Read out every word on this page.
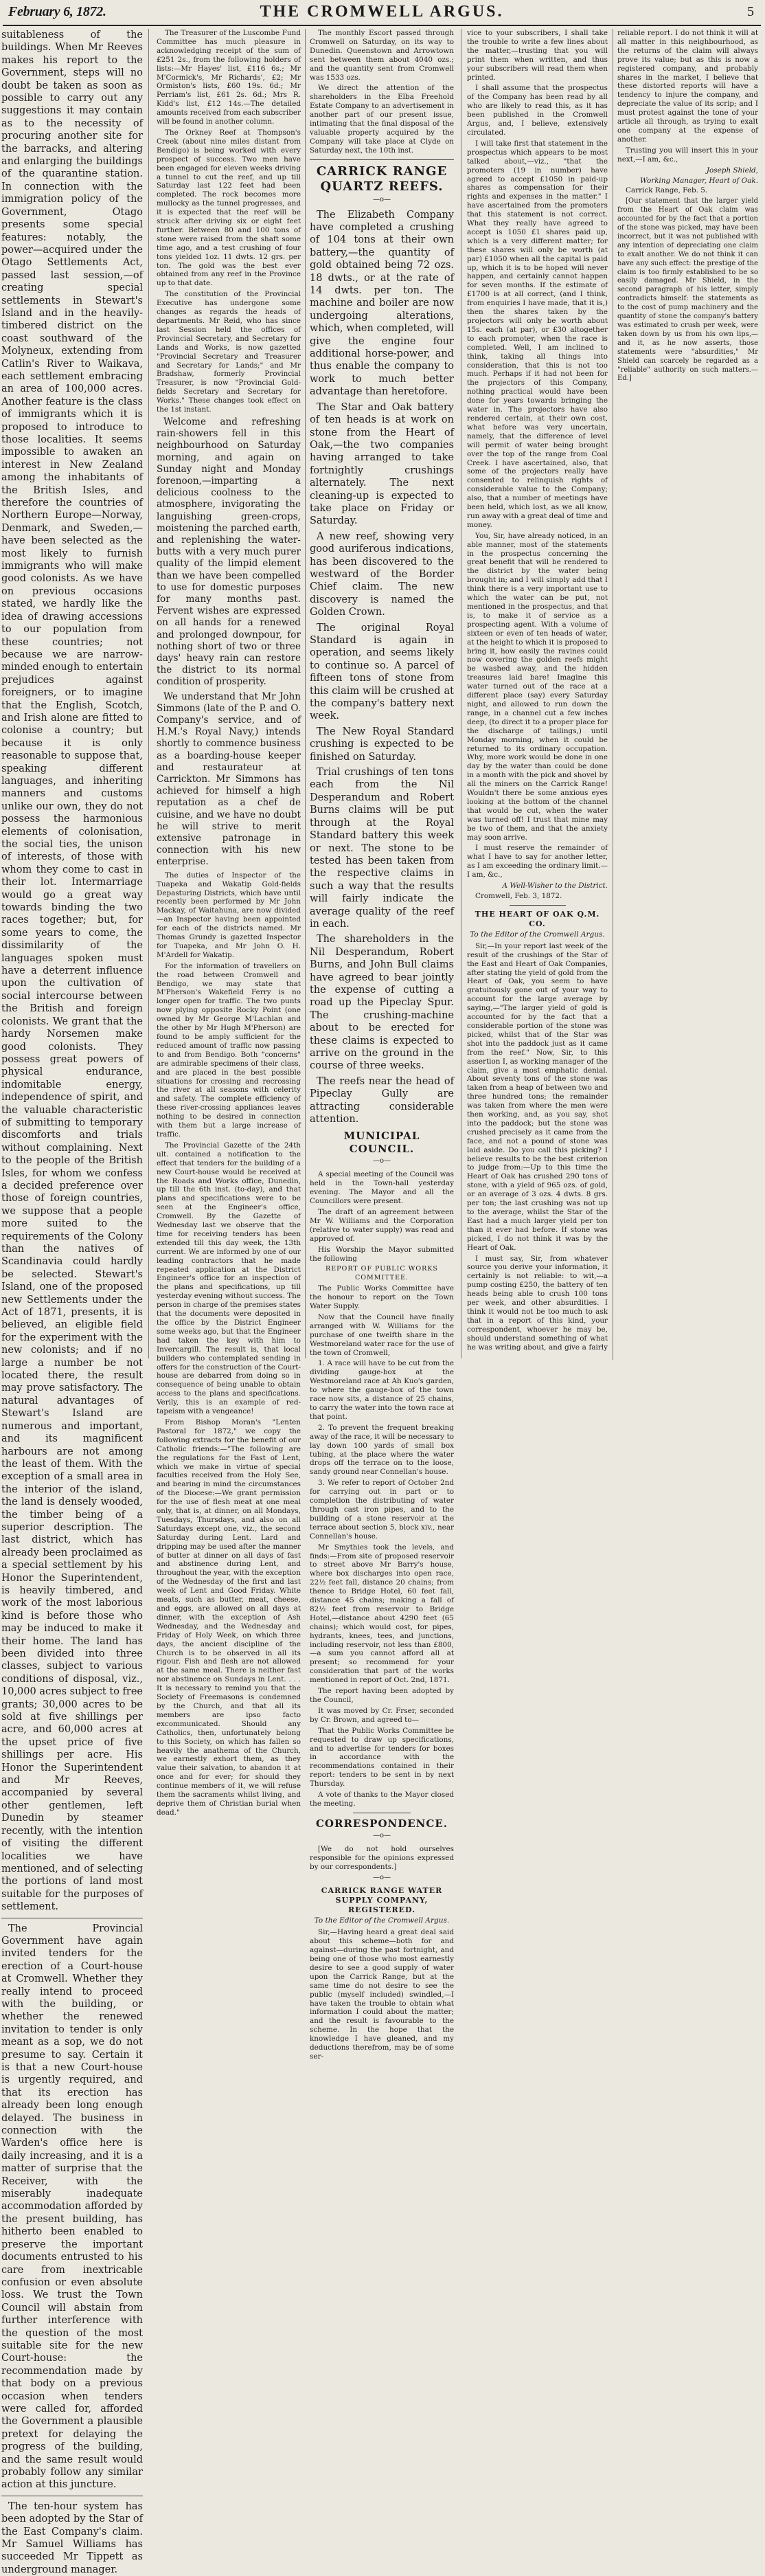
February 6, 1872.	THE CROMWELL ARGUS.	5

suitableness of the buildings. When Mr Reeves makes his report to the Government, steps will no doubt be taken as soon as possible to carry out any suggestions it may contain as to the necessity of procuring another site for the barracks, and altering and enlarging the buildings of the quarantine station. In connection with the immigration policy of the Government, Otago presents some special features: notably, the power—acquired under the Otago Settlements Act, passed last session,—of creating special settlements in Stewart's Island and in the heavily-timbered district on the coast southward of the Molyneux, extending from Catlin's River to Waikava, each settlement embracing an area of 100,000 acres. Another feature is the class of immigrants which it is proposed to introduce to those localities. It seems impossible to awaken an interest in New Zealand among the inhabitants of the British Isles, and therefore the countries of Northern Europe—Norway, Denmark, and Sweden,—have been selected as the most likely to furnish immigrants who will make good colonists. As we have on previous occasions stated, we hardly like the idea of drawing accessions to our population from these countries; not because we are narrow-minded enough to entertain prejudices against foreigners, or to imagine that the English, Scotch, and Irish alone are fitted to colonise a country; but because it is only reasonable to suppose that, speaking different languages, and inheriting manners and customs unlike our own, they do not possess the harmonious elements of colonisation, the social ties, the unison of interests, of those with whom they come to cast in their lot. Intermarriage would go a great way towards binding the two races together; but, for some years to come, the dissimilarity of the languages spoken must have a deterrent influence upon the cultivation of social intercourse between the British and foreign colonists. We grant that the hardy Norsemen make good colonists. They possess great powers of physical endurance, indomitable energy, independence of spirit, and the valuable characteristic of submitting to temporary discomforts and trials without complaining. Next to the people of the British Isles, for whom we confess a decided preference over those of foreign countries, we suppose that a people more suited to the requirements of the Colony than the natives of Scandinavia could hardly be selected. Stewart's Island, one of the proposed new Settlements under the Act of 1871, presents, it is believed, an eligible field for the experiment with the new colonists; and if no large a number be not located there, the result may prove satisfactory. The natural advantages of Stewart's Island are numerous and important, and its magnificent harbours are not among the least of them. With the exception of a small area in the interior of the island, the land is densely wooded, the timber being of a superior description. The last district, which has already been proclaimed as a special settlement by his Honor the Superintendent, is heavily timbered, and work of the most laborious kind is before those who may be induced to make it their home. The land has been divided into three classes, subject to various conditions of disposal, viz., 10,000 acres subject to free grants; 30,000 acres to be sold at five shillings per acre, and 60,000 acres at the upset price of five shillings per acre. His Honor the Superintendent and Mr Reeves, accompanied by several other gentlemen, left Dunedin by steamer recently, with the intention of visiting the different localities we have mentioned, and of selecting the portions of land most suitable for the purposes of settlement.

The Provincial Government have again invited tenders for the erection of a Court-house at Cromwell. Whether they really intend to proceed with the building, or whether the renewed invitation to tender is only meant as a sop, we do not presume to say. Certain it is that a new Court-house is urgently required, and that its erection has already been long enough delayed. The business in connection with the Warden's office here is daily increasing, and it is a matter of surprise that the Receiver, with the miserably inadequate accommodation afforded by the present building, has hitherto been enabled to preserve the important documents entrusted to his care from inextricable confusion or even absolute loss. We trust the Town Council will abstain from further interference with the question of the most suitable site for the new Court-house: the recommendation made by that body on a previous occasion when tenders were called for, afforded the Government a plausible pretext for delaying the progress of the building, and the same result would probably follow any similar action at this juncture.

The ten-hour system has been adopted by the Star of the East Company's claim. Mr Samuel Williams has succeeded Mr Tippett as underground manager.

The Treasurer of the Luscombe Fund Committee has much pleasure in acknowledging receipt of the sum of £251 2s., from the following holders of lists:—Mr Hayes' list, £116 6s.; Mr M'Cormick's, Mr Richards', £2; Mr Ormiston's lists, £60 19s. 6d.; Mr Perriam's list, £61 2s. 6d.; Mrs R. Kidd's list, £12 14s.—The detailed amounts received from each subscriber will be found in another column.

The Orkney Reef at Thompson's Creek (about nine miles distant from Bendigo) is being worked with every prospect of success. Two men have been engaged for eleven weeks driving a tunnel to cut the reef, and up till Saturday last 122 feet had been completed. The rock becomes more mullocky as the tunnel progresses, and it is expected that the reef will be struck after driving six or eight feet further. Between 80 and 100 tons of stone were raised from the shaft some time ago, and a test crushing of four tons yielded 1oz. 11 dwts. 12 grs. per ton. The gold was the best ever obtained from any reef in the Province up to that date.

The constitution of the Provincial Executive has undergone some changes as regards the heads of departments. Mr Reid, who has since last Session held the offices of Provincial Secretary, and Secretary for Lands and Works, is now gazetted "Provincial Secretary and Treasurer and Secretary for Lands;" and Mr Bradshaw, formerly Provincial Treasurer, is now "Provincial Gold-fields Secretary and Secretary for Works." These changes took effect on the 1st instant.

Welcome and refreshing rain-showers fell in this neighbourhood on Saturday morning, and again on Sunday night and Monday forenoon,—imparting a delicious coolness to the atmosphere, invigorating the languishing green-crops, moistening the parched earth, and replenishing the water-butts with a very much purer quality of the limpid element than we have been compelled to use for domestic purposes for many months past. Fervent wishes are expressed on all hands for a renewed and prolonged downpour, for nothing short of two or three days' heavy rain can restore the district to its normal condition of prosperity.

We understand that Mr John Simmons (late of the P. and O. Company's service, and of H.M.'s Royal Navy,) intends shortly to commence business as a boarding-house keeper and restaurateur at Carrickton. Mr Simmons has achieved for himself a high reputation as a chef de cuisine, and we have no doubt he will strive to merit extensive patronage in connection with his new enterprise.

The duties of Inspector of the Tuapeka and Wakatip Gold-fields Depasturing Districts, which have until recently been performed by Mr John Mackay, of Waitahuna, are now divided—an Inspector having been appointed for each of the districts named. Mr Thomas Grundy is gazetted Inspector for Tuapeka, and Mr John O. H. M'Ardell for Wakatip.

For the information of travellers on the road between Cromwell and Bendigo, we may state that M'Pherson's Wakefield Ferry is no longer open for traffic. The two punts now plying opposite Rocky Point (one owned by Mr George M'Lachlan and the other by Mr Hugh M'Pherson) are found to be amply sufficient for the reduced amount of traffic now passing to and from Bendigo. Both "concerns" are admirable specimens of their class, and are placed in the best possible situations for crossing and recrossing the river at all seasons with celerity and safety. The complete efficiency of these river-crossing appliances leaves nothing to be desired in connection with them but a large increase of traffic.

The Provincial Gazette of the 24th ult. contained a notification to the effect that tenders for the building of a new Court-house would be received at the Roads and Works office, Dunedin, up till the 6th inst. (to-day), and that plans and specifications were to be seen at the Engineer's office, Cromwell. By the Gazette of Wednesday last we observe that the time for receiving tenders has been extended till this day week, the 13th current. We are informed by one of our leading contractors that he made repeated application at the District Engineer's office for an inspection of the plans and specifications, up till yesterday evening without success. The person in charge of the premises states that the documents were deposited in the office by the District Engineer some weeks ago, but that the Engineer had taken the key with him to Invercargill. The result is, that local builders who contemplated sending in offers for the construction of the Court-house are debarred from doing so in consequence of being unable to obtain access to the plans and specifications. Verily, this is an example of red-tapeism with a vengeance!

From Bishop Moran's "Lenten Pastoral for 1872," we copy the following extracts for the benefit of our Catholic friends:—"The following are the regulations for the Fast of Lent, which we make in virtue of special faculties received from the Holy See, and bearing in mind the circumstances of the Diocese:—We grant permission for the use of flesh meat at one meal only, that is, at dinner, on all Mondays, Tuesdays, Thursdays, and also on all Saturdays except one, viz., the second Saturday during Lent. Lard and dripping may be used after the manner of butter at dinner on all days of fast and abstinence during Lent, and throughout the year, with the exception of the Wednesday of the first and last week of Lent and Good Friday. White meats, such as butter, meat, cheese, and eggs, are allowed on all days at dinner, with the exception of Ash Wednesday, and the Wednesday and Friday of Holy Week, on which three days, the ancient discipline of the Church is to be observed in all its rigour. Fish and flesh are not allowed at the same meal. There is neither fast nor abstinence on Sundays in Lent. . . . It is necessary to remind you that the Society of Freemasons is condemned by the Church, and that all its members are ipso facto excommunicated. Should any Catholics, then, unfortunately belong to this Society, on which has fallen so heavily the anathema of the Church, we earnestly exhort them, as they value their salvation, to abandon it at once and for ever; for should they continue members of it, we will refuse them the sacraments whilst living, and deprive them of Christian burial when dead."

The monthly Escort passed through Cromwell on Saturday, on its way to Dunedin. Queenstown and Arrowtown sent between them about 4040 ozs.; and the quantity sent from Cromwell was 1533 ozs.

We direct the attention of the shareholders in the Elba Freehold Estate Company to an advertisement in another part of our present issue, intimating that the final disposal of the valuable property acquired by the Company will take place at Clyde on Saturday next, the 10th inst.

CARRICK RANGE QUARTZ REEFS.
—o—

The Elizabeth Company have completed a crushing of 104 tons at their own battery,—the quantity of gold obtained being 72 ozs. 18 dwts., or at the rate of 14 dwts. per ton. The machine and boiler are now undergoing alterations, which, when completed, will give the engine four additional horse-power, and thus enable the company to work to much better advantage than heretofore.

The Star and Oak battery of ten heads is at work on stone from the Heart of Oak,—the two companies having arranged to take fortnightly crushings alternately. The next cleaning-up is expected to take place on Friday or Saturday.

A new reef, showing very good auriferous indications, has been discovered to the westward of the Border Chief claim. The new discovery is named the Golden Crown.

The original Royal Standard is again in operation, and seems likely to continue so. A parcel of fifteen tons of stone from this claim will be crushed at the company's battery next week.

The New Royal Standard crushing is expected to be finished on Saturday.

Trial crushings of ten tons each from the Nil Desperandum and Robert Burns claims will be put through at the Royal Standard battery this week or next. The stone to be tested has been taken from the respective claims in such a way that the results will fairly indicate the average quality of the reef in each.

The shareholders in the Nil Desperandum, Robert Burns, and John Bull claims have agreed to bear jointly the expense of cutting a road up the Pipeclay Spur. The crushing-machine about to be erected for these claims is expected to arrive on the ground in the course of three weeks.

The reefs near the head of Pipeclay Gully are attracting considerable attention.

MUNICIPAL COUNCIL.
—o—

A special meeting of the Council was held in the Town-hall yesterday evening. The Mayor and all the Councillors were present.

The draft of an agreement between Mr W. Williams and the Corporation (relative to water supply) was read and approved of.

His Worship the Mayor submitted the following

REPORT OF PUBLIC WORKS COMMITTEE.

The Public Works Committee have the honour to report on the Town Water Supply.

Now that the Council have finally arranged with W. Williams for the purchase of one twelfth share in the Westmoreland water race for the use of the town of Cromwell,

1. A race will have to be cut from the dividing gauge-box at the Westmoreland race at Ah Kuo's garden, to where the gauge-box of the town race now sits, a distance of 25 chains, to carry the water into the town race at that point.

2. To prevent the frequent breaking away of the race, it will be necessary to lay down 100 yards of small box tubing, at the place where the water drops off the terrace on to the loose, sandy ground near Connellan's house.

3. We refer to report of October 2nd for carrying out in part or to completion the distributing of water through cast iron pipes, and to the building of a stone reservoir at the terrace about section 5, block xiv., near Connellan's house.

Mr Smythies took the levels, and finds:—From site of proposed reservoir to street above Mr Barry's house, where box discharges into open race, 22½ feet fall, distance 20 chains; from thence to Bridge Hotel, 60 feet fall, distance 45 chains; making a fall of 82½ feet from reservoir to Bridge Hotel,—distance about 4290 feet (65 chains); which would cost, for pipes, hydrants, knees, tees, and junctions, including reservoir, not less than £800,—a sum you cannot afford all at present; so recommend for your consideration that part of the works mentioned in report of Oct. 2nd, 1871.

The report having been adopted by the Council,

It was moved by Cr. Frser, seconded by Cr. Brown, and agreed to—

That the Public Works Committee be requested to draw up specifications, and to advertise for tenders for boxes in accordance with the recommendations contained in their report: tenders to be sent in by next Thursday.

A vote of thanks to the Mayor closed the meeting.

CORRESPONDENCE.
—o—

[We do not hold ourselves responsible for the opinions expressed by our correspondents.]

—o—
CARRICK RANGE WATER SUPPLY COMPANY, REGISTERED.
To the Editor of the Cromwell Argus.

Sir,—Having heard a great deal said about this scheme—both for and against—during the past fortnight, and being one of those who most earnestly desire to see a good supply of water upon the Carrick Range, but at the same time do not desire to see the public (myself included) swindled,—I have taken the trouble to obtain what information I could about the matter; and the result is favourable to the scheme. In the hope that the knowledge I have gleaned, and my deductions therefrom, may be of some ser-

vice to your subscribers, I shall take the trouble to write a few lines about the matter,—trusting that you will print them when written, and thus your subscribers will read them when printed.

I shall assume that the prospectus of the Company has been read by all who are likely to read this, as it has been published in the Cromwell Argus, and, I believe, extensively circulated.

I will take first that statement in the prospectus which appears to be most talked about,—viz., "that the promoters (19 in number) have agreed to accept £1050 in paid-up shares as compensation for their rights and expenses in the matter." I have ascertained from the promoters that this statement is not correct. What they really have agreed to accept is 1050 £1 shares paid up, which is a very different matter; for these shares will only be worth (at par) £1050 when all the capital is paid up, which it is to be hoped will never happen, and certainly cannot happen for seven months. If the estimate of £1700 is at all correct, (and I think, from enquiries I have made, that it is,) then the shares taken by the projectors will only be worth about 15s. each (at par), or £30 altogether to each promoter, when the race is completed. Well, I am inclined to think, taking all things into consideration, that this is not too much. Perhaps if it had not been for the projectors of this Company, nothing practical would have been done for years towards bringing the water in. The projectors have also rendered certain, at their own cost, what before was very uncertain, namely, that the difference of level will permit of water being brought over the top of the range from Coal Creek. I have ascertained, also, that some of the projectors really have consented to relinquish rights of considerable value to the Company; also, that a number of meetings have been held, which lost, as we all know, run away with a great deal of time and money.

You, Sir, have already noticed, in an able manner, most of the statements in the prospectus concerning the great benefit that will be rendered to the district by the water being brought in; and I will simply add that I think there is a very important use to which the water can be put, not mentioned in the prospectus, and that is, to make it of service as a prospecting agent. With a volume of sixteen or even of ten heads of water, at the height to which it is proposed to bring it, how easily the ravines could now covering the golden reefs might be washed away, and the hidden treasures laid bare! Imagine this water turned out of the race at a different place (say) every Saturday night, and allowed to run down the range, in a channel cut a few inches deep, (to direct it to a proper place for the discharge of tailings,) until Monday morning, when it could be returned to its ordinary occupation. Why, more work would be done in one day by the water than could be done in a month with the pick and shovel by all the miners on the Carrick Range! Wouldn't there be some anxious eyes looking at the bottom of the channel that would be cut, when the water was turned off! I trust that mine may be two of them, and that the anxiety may soon arrive.

I must reserve the remainder of what I have to say for another letter, as I am exceeding the ordinary limit.—I am, &c.,

A Well-Wisher to the District.

Cromwell, Feb. 3, 1872.

THE HEART OF OAK Q.M. CO.
To the Editor of the Cromwell Argus.

Sir,—In your report last week of the result of the crushings of the Star of the East and Heart of Oak Companies, after stating the yield of gold from the Heart of Oak, you seem to have gratuitously gone out of your way to account for the large average by saying,—"The larger yield of gold is accounted for by the fact that a considerable portion of the stone was picked, whilst that of the Star was shot into the paddock just as it came from the reef." Now, Sir, to this assertion I, as working manager of the claim, give a most emphatic denial. About seventy tons of the stone was taken from a heap of between two and three hundred tons; the remainder was taken from where the men were then working, and, as you say, shot into the paddock; but the stone was crushed precisely as it came from the face, and not a pound of stone was laid aside. Do you call this picking? I believe results to be the best criterion to judge from:—Up to this time the Heart of Oak has crushed 290 tons of stone, with a yield of 965 ozs. of gold, or an average of 3 ozs. 4 dwts. 8 grs. per ton; the last crushing was not up to the average, whilst the Star of the East had a much larger yield per ton than it ever had before. If stone was picked, I do not think it was by the Heart of Oak.

I must say, Sir, from whatever source you derive your information, it certainly is not reliable: to wit,—a pump costing £250, the battery of ten heads being able to crush 100 tons per week, and other absurdities. I think it would not be too much to ask that in a report of this kind, your correspondent, whoever he may be, should understand something of what he was writing about, and give a fairly reliable report. I do not think it will at all matter in this neighbourhood, as the returns of the claim will always prove its value; but as this is now a registered company, and probably shares in the market, I believe that these distorted reports will have a tendency to injure the company, and depreciate the value of its scrip; and I must protest against the tone of your article all through, as trying to exalt one company at the expense of another.

Trusting you will insert this in your next,—I am, &c.,

Joseph Shield,
Working Manager, Heart of Oak.

Carrick Range, Feb. 5.

[Our statement that the larger yield from the Heart of Oak claim was accounted for by the fact that a portion of the stone was picked, may have been incorrect, but it was not published with any intention of depreciating one claim to exalt another. We do not think it can have any such effect: the prestige of the claim is too firmly established to be so easily damaged. Mr Shield, in the second paragraph of his letter, simply contradicts himself: the statements as to the cost of pump machinery and the quantity of stone the company's battery was estimated to crush per week, were taken down by us from his own lips,—and it, as he now asserts, those statements were "absurdities," Mr Shield can scarcely be regarded as a "reliable" authority on such matters.—Ed.]
